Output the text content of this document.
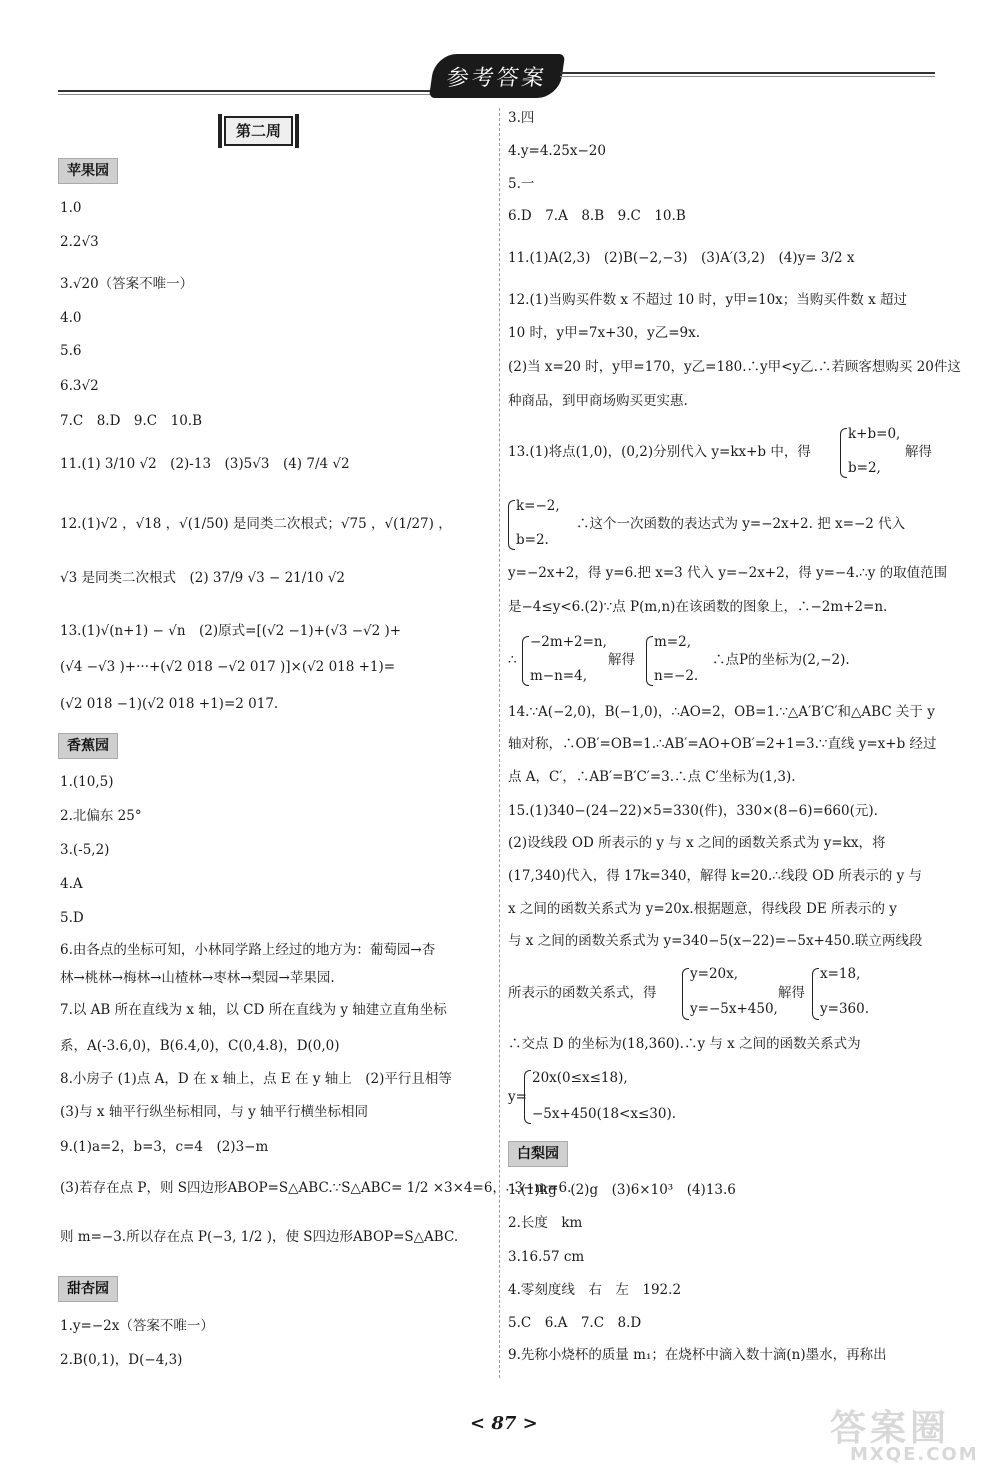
参考答案
第二周
苹果园
1.0
2.2√3
3.√20（答案不唯一）
4.0
5.6
6.3√2
7.C　8.D　9.C　10.B
11.(1) 3/10 √2　(2)-13　(3)5√3　(4) 7/4 √2
12.(1)√2 ，√18 ，√(1/50) 是同类二次根式；√75 ，√(1/27) ，
√3 是同类二次根式　(2) 37/9 √3 − 21/10 √2
13.(1)√(n+1) − √n　(2)原式=[(√2 −1)+(√3 −√2 )+
(√4 −√3 )+···+(√2 018 −√2 017 )]×(√2 018 +1)=
(√2 018 −1)(√2 018 +1)=2 017.
香蕉园
1.(10,5)
2.北偏东 25°
3.(-5,2)
4.A
5.D
6.由各点的坐标可知，小林同学路上经过的地方为：葡萄园→杏
林→桃林→梅林→山楂林→枣林→梨园→苹果园.
7.以 AB 所在直线为 x 轴，以 CD 所在直线为 y 轴建立直角坐标
系，A(-3.6,0)，B(6.4,0)，C(0,4.8)，D(0,0)
8.小房子 (1)点 A，D 在 x 轴上，点 E 在 y 轴上　(2)平行且相等
(3)与 x 轴平行纵坐标相同，与 y 轴平行横坐标相同
9.(1)a=2，b=3，c=4　(2)3−m
(3)若存在点 P，则 S四边形ABOP=S△ABC.∵S△ABC= 1/2 ×3×4=6，∴3−m=6.
则 m=−3.所以存在点 P(−3, 1/2 )，使 S四边形ABOP=S△ABC.
甜杏园
1.y=−2x（答案不唯一）
2.B(0,1)，D(−4,3)
3.四
4.y=4.25x−20
5.一
6.D　7.A　8.B　9.C　10.B
11.(1)A(2,3)　(2)B(−2,−3)　(3)A′(3,2)　(4)y= 3/2 x
12.(1)当购买件数 x 不超过 10 时，y甲=10x；当购买件数 x 超过
10 时，y甲=7x+30，y乙=9x.
(2)当 x=20 时，y甲=170，y乙=180.∴y甲<y乙.∴若顾客想购买 20件这
种商品，到甲商场购买更实惠.
13.(1)将点(1,0)，(0,2)分别代入 y=kx+b 中，得
k+b=0,
b=2,
解得
k=−2,
b=2.
∴这个一次函数的表达式为 y=−2x+2. 把 x=−2 代入
y=−2x+2，得 y=6.把 x=3 代入 y=−2x+2，得 y=−4.∴y 的取值范围
是−4≤y<6.(2)∵点 P(m,n)在该函数的图象上，∴−2m+2=n.
∴
−2m+2=n,
m−n=4,
解得
m=2,
n=−2.
∴点P的坐标为(2,−2).
14.∵A(−2,0)，B(−1,0)，∴AO=2，OB=1.∵△A′B′C′和△ABC 关于 y
轴对称，∴OB′=OB=1.∴AB′=AO+OB′=2+1=3.∵直线 y=x+b 经过
点 A，C′，∴AB′=B′C′=3.∴点 C′坐标为(1,3).
15.(1)340−(24−22)×5=330(件)，330×(8−6)=660(元).
(2)设线段 OD 所表示的 y 与 x 之间的函数关系式为 y=kx，将
(17,340)代入，得 17k=340，解得 k=20.∴线段 OD 所表示的 y 与
x 之间的函数关系式为 y=20x.根据题意，得线段 DE 所表示的 y
与 x 之间的函数关系式为 y=340−5(x−22)=−5x+450.联立两线段
所表示的函数关系式，得
y=20x,
y=−5x+450,
解得
x=18,
y=360.
∴交点 D 的坐标为(18,360).∴y 与 x 之间的函数关系式为
y=
20x(0≤x≤18),
−5x+450(18<x≤30).
白梨园
1.(1)kg　(2)g　(3)6×10³　(4)13.6
2.长度　km
3.16.57 cm
4.零刻度线　右　左　192.2
5.C　6.A　7.C　8.D
9.先称小烧杯的质量 m₁；在烧杯中滴入数十滴(n)墨水，再称出
< 87 >	答案圈
MXQE.COM
